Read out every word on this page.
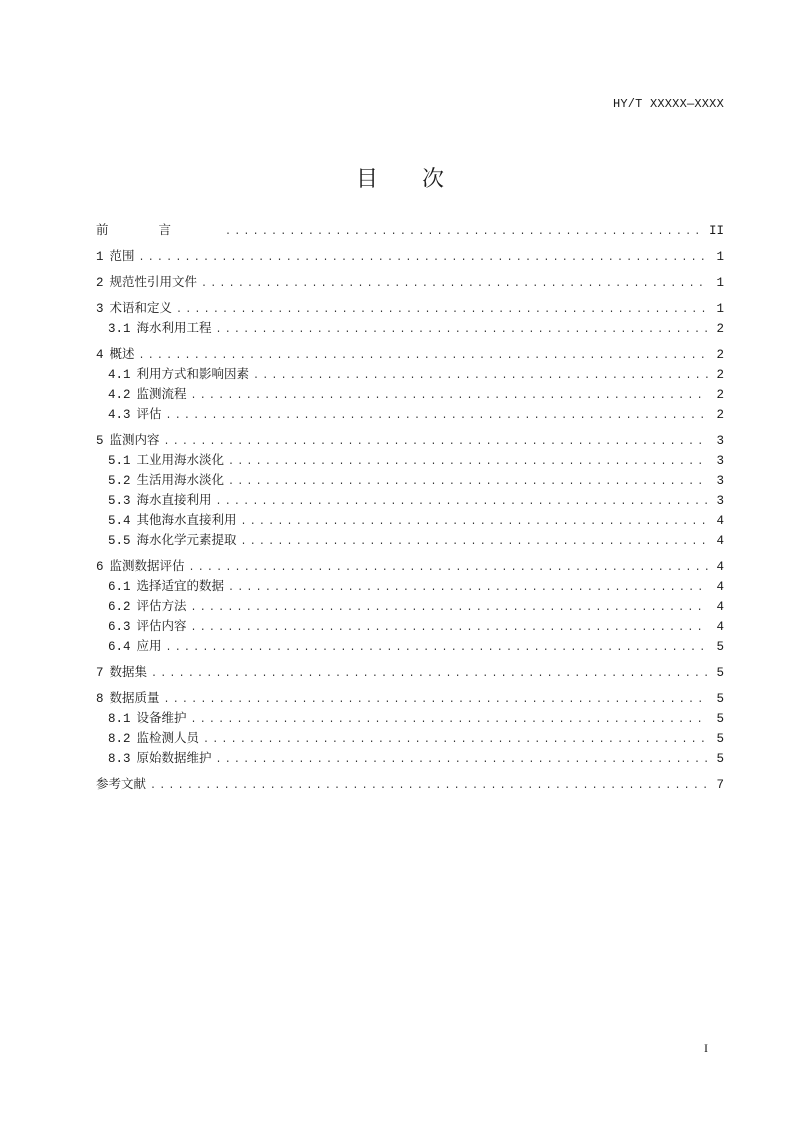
HY/T XXXXX—XXXX
目次
前言 .....	II
1 范围 .....	1
2 规范性引用文件 .....	1
3 术语和定义 .....	1
3.1 海水利用工程 .....	2
4 概述 .....	2
4.1 利用方式和影响因素 .....	2
4.2 监测流程 .....	2
4.3 评估 .....	2
5 监测内容 .....	3
5.1 工业用海水淡化 .....	3
5.2 生活用海水淡化 .....	3
5.3 海水直接利用 .....	3
5.4 其他海水直接利用 .....	4
5.5 海水化学元素提取 .....	4
6 监测数据评估 .....	4
6.1 选择适宜的数据 .....	4
6.2 评估方法 .....	4
6.3 评估内容 .....	4
6.4 应用 .....	5
7 数据集 .....	5
8 数据质量 .....	5
8.1 设备维护 .....	5
8.2 监检测人员 .....	5
8.3 原始数据维护 .....	5
参考文献 .....	7
I
